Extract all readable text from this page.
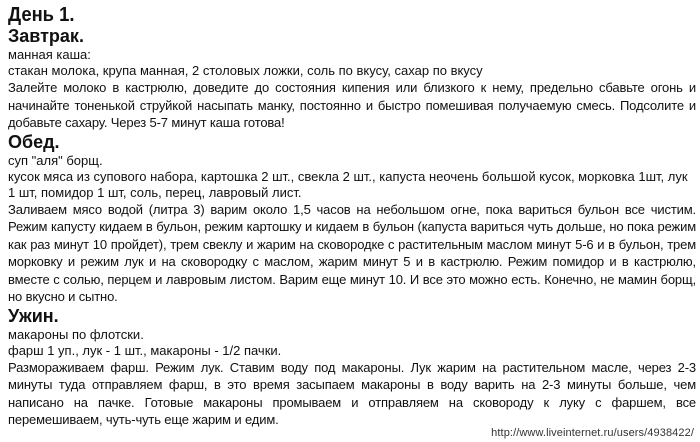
День 1.
Завтрак.

манная каша:

стакан молока, крупа манная, 2 столовых ложки, соль по вкусу, сахар по вкусу

Залейте молоко в кастрюлю, доведите до состояния кипения или близкого к нему, предельно сбавьте огонь и начинайте тоненькой струйкой насыпать манку, постоянно и быстро помешивая получаемую смесь. Подсолите и добавьте сахару. Через 5-7 минут каша готова!

Обед.

суп "аля" борщ.

кусок мяса из супового набора, картошка 2 шт., свекла 2 шт., капуста неочень большой кусок, морковка 1шт, лук 1 шт, помидор 1 шт, соль, перец, лавровый лист.

Заливаем мясо водой (литра 3) варим около 1,5 часов на небольшом огне, пока вариться бульон все чистим. Режим капусту кидаем в бульон, режим картошку и кидаем в бульон (капуста вариться чуть дольше, но пока режим как раз минут 10 пройдет), трем свеклу и жарим на сковородке с растительным маслом минут 5-6 и в бульон, трем морковку и режим лук и на сковородку с маслом, жарим минут 5 и в кастрюлю. Режим помидор и в кастрюлю, вместе с солью, перцем и лавровым листом. Варим еще минут 10. И все это можно есть. Конечно, не мамин борщ, но вкусно и сытно.

Ужин.

макароны по флотски.

фарш 1 уп., лук - 1 шт., макароны - 1/2 пачки.

Размораживаем фарш. Режим лук. Ставим воду под макароны. Лук жарим на растительном масле, через 2-3 минуты туда отправляем фарш, в это время засыпаем макароны в воду варить на 2-3 минуты больше, чем написано на пачке. Готовые макароны промываем и отправляем на сковороду к луку с фаршем, все перемешиваем, чуть-чуть еще жарим и едим.

http://www.liveinternet.ru/users/4938422/
